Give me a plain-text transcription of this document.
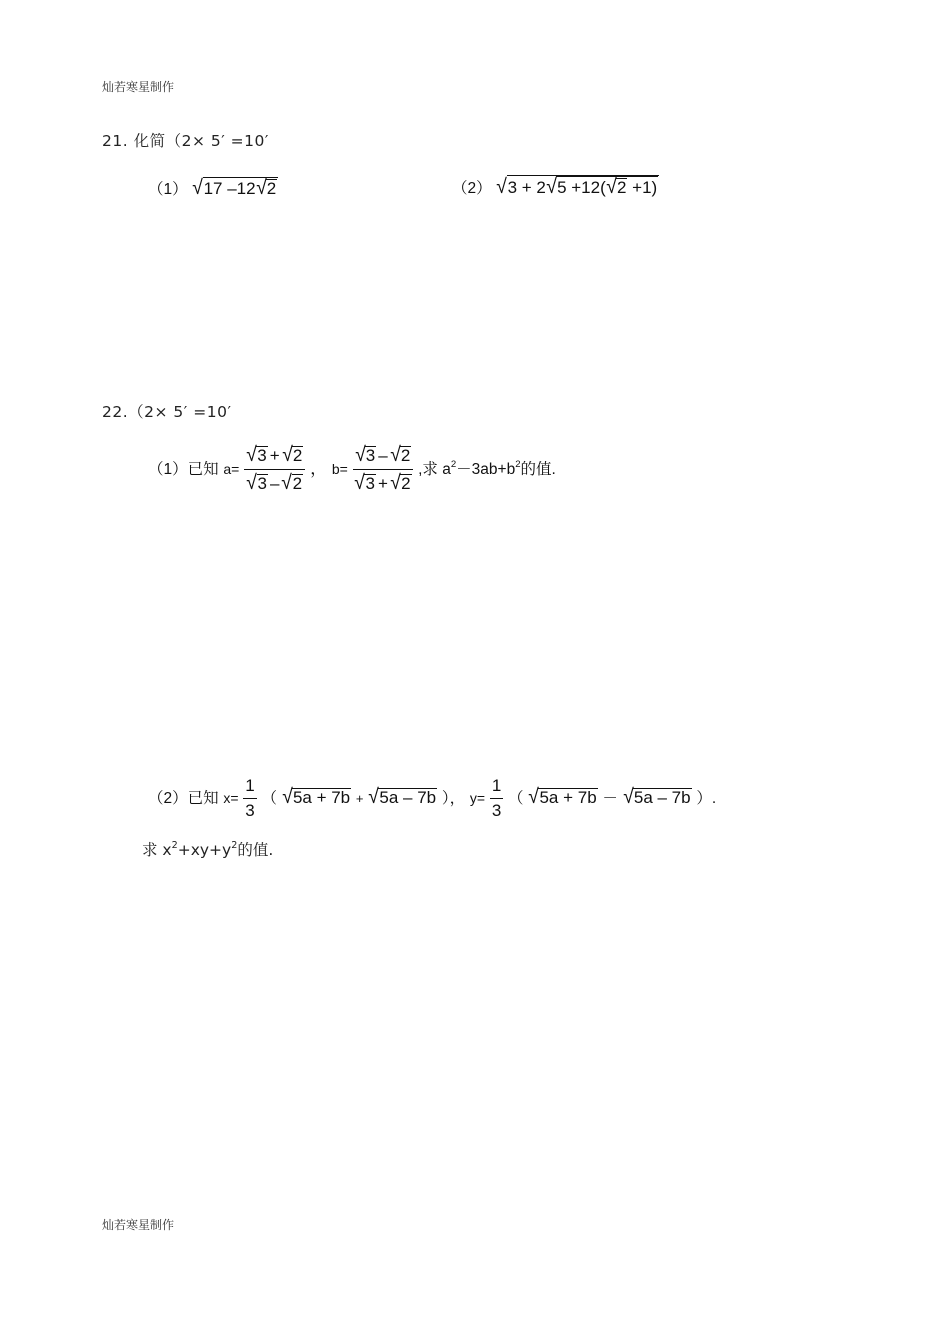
灿若寒星制作
21. 化简（2× 5′ =10′
（1） √17 –12√2	（2） √3 + 2√5 +12(√2 +1)
22.（2× 5′ =10′
（1）已知 $a= \frac{√3 + √2}{√3 - √2}$ ， $b= \frac{√3 - √2}{√3 + √2}$ ,求 $a^2-3ab+b^2$的值.
（2）已知 $x= \frac{1}{3}$ （ √5a + 7b + √5a – 7b ）， $y= \frac{1}{3}$ （ √5a + 7b － √5a – 7b ）.
求 $x^2+xy+y^2$的值.
灿若寒星制作
